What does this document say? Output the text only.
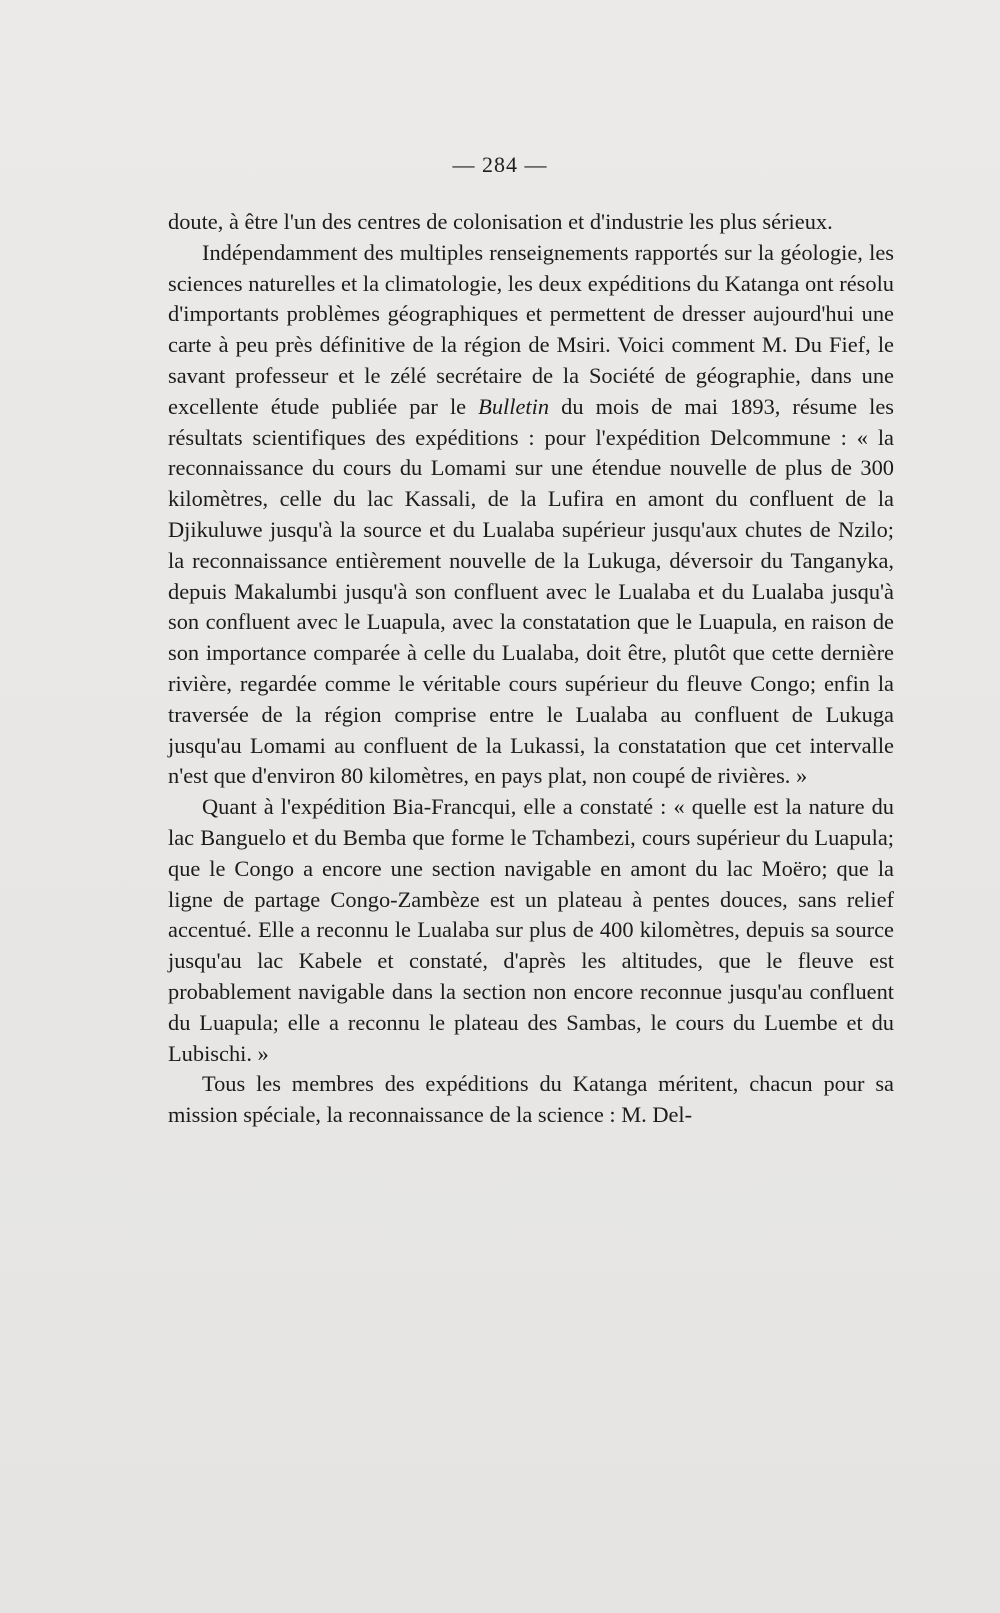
— 284 —

doute, à être l'un des centres de colonisation et d'industrie les plus sérieux.

Indépendamment des multiples renseignements rapportés sur la géologie, les sciences naturelles et la climatologie, les deux expéditions du Katanga ont résolu d'importants problèmes géographiques et permettent de dresser aujourd'hui une carte à peu près définitive de la région de Msiri. Voici comment M. Du Fief, le savant professeur et le zélé secrétaire de la Société de géographie, dans une excellente étude publiée par le Bulletin du mois de mai 1893, résume les résultats scientifiques des expéditions : pour l'expédition Delcommune : « la reconnaissance du cours du Lomami sur une étendue nouvelle de plus de 300 kilomètres, celle du lac Kassali, de la Lufira en amont du confluent de la Djikuluwe jusqu'à la source et du Lualaba supérieur jusqu'aux chutes de Nzilo; la reconnaissance entièrement nouvelle de la Lukuga, déversoir du Tanganyka, depuis Makalumbi jusqu'à son confluent avec le Lualaba et du Lualaba jusqu'à son confluent avec le Luapula, avec la constatation que le Luapula, en raison de son importance comparée à celle du Lualaba, doit être, plutôt que cette dernière rivière, regardée comme le véritable cours supérieur du fleuve Congo; enfin la traversée de la région comprise entre le Lualaba au confluent de Lukuga jusqu'au Lomami au confluent de la Lukassi, la constatation que cet intervalle n'est que d'environ 80 kilomètres, en pays plat, non coupé de rivières. »

Quant à l'expédition Bia-Francqui, elle a constaté : « quelle est la nature du lac Banguelo et du Bemba que forme le Tchambezi, cours supérieur du Luapula; que le Congo a encore une section navigable en amont du lac Moëro; que la ligne de partage Congo-Zambèze est un plateau à pentes douces, sans relief accentué. Elle a reconnu le Lualaba sur plus de 400 kilomètres, depuis sa source jusqu'au lac Kabele et constaté, d'après les altitudes, que le fleuve est probablement navigable dans la section non encore reconnue jusqu'au confluent du Luapula; elle a reconnu le plateau des Sambas, le cours du Luembe et du Lubischi. »

Tous les membres des expéditions du Katanga méritent, chacun pour sa mission spéciale, la reconnaissance de la science : M. Del-
